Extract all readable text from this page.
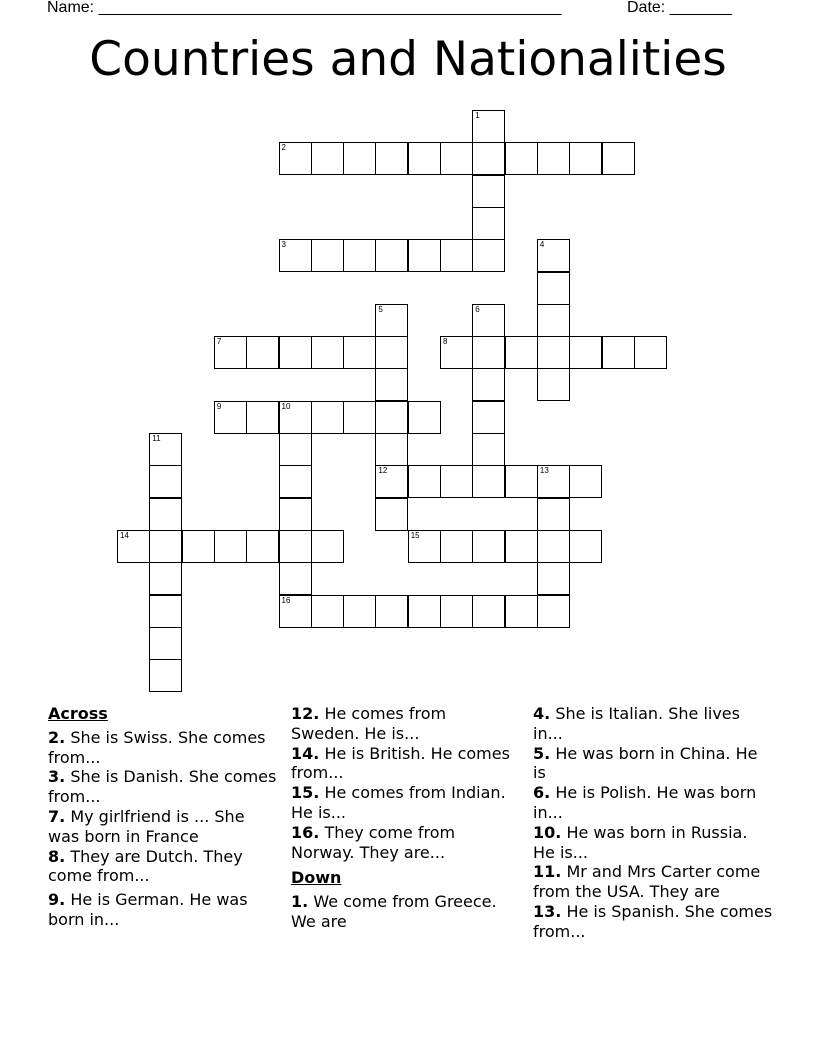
Name: ____________________________________________________	Date: _______
Countries and Nationalities
2
3
7	8
9	10
12	13
14	15
16
1
4
5	6
11
Across

2. She is Swiss. She comes from...

3. She is Danish. She comes from...

7. My girlfriend is ... She was born in France

8. They are Dutch. They come from...

9. He is German. He was born in...

12. He comes from Sweden. He is...

14. He is British. He comes from...

15. He comes from Indian. He is...

16. They come from Norway. They are...

Down

1. We come from Greece. We are

4. She is Italian. She lives in...

5. He was born in China. He is

6. He is Polish. He was born in...

10. He was born in Russia. He is...

11. Mr and Mrs Carter come from the USA. They are

13. He is Spanish. She comes from...
